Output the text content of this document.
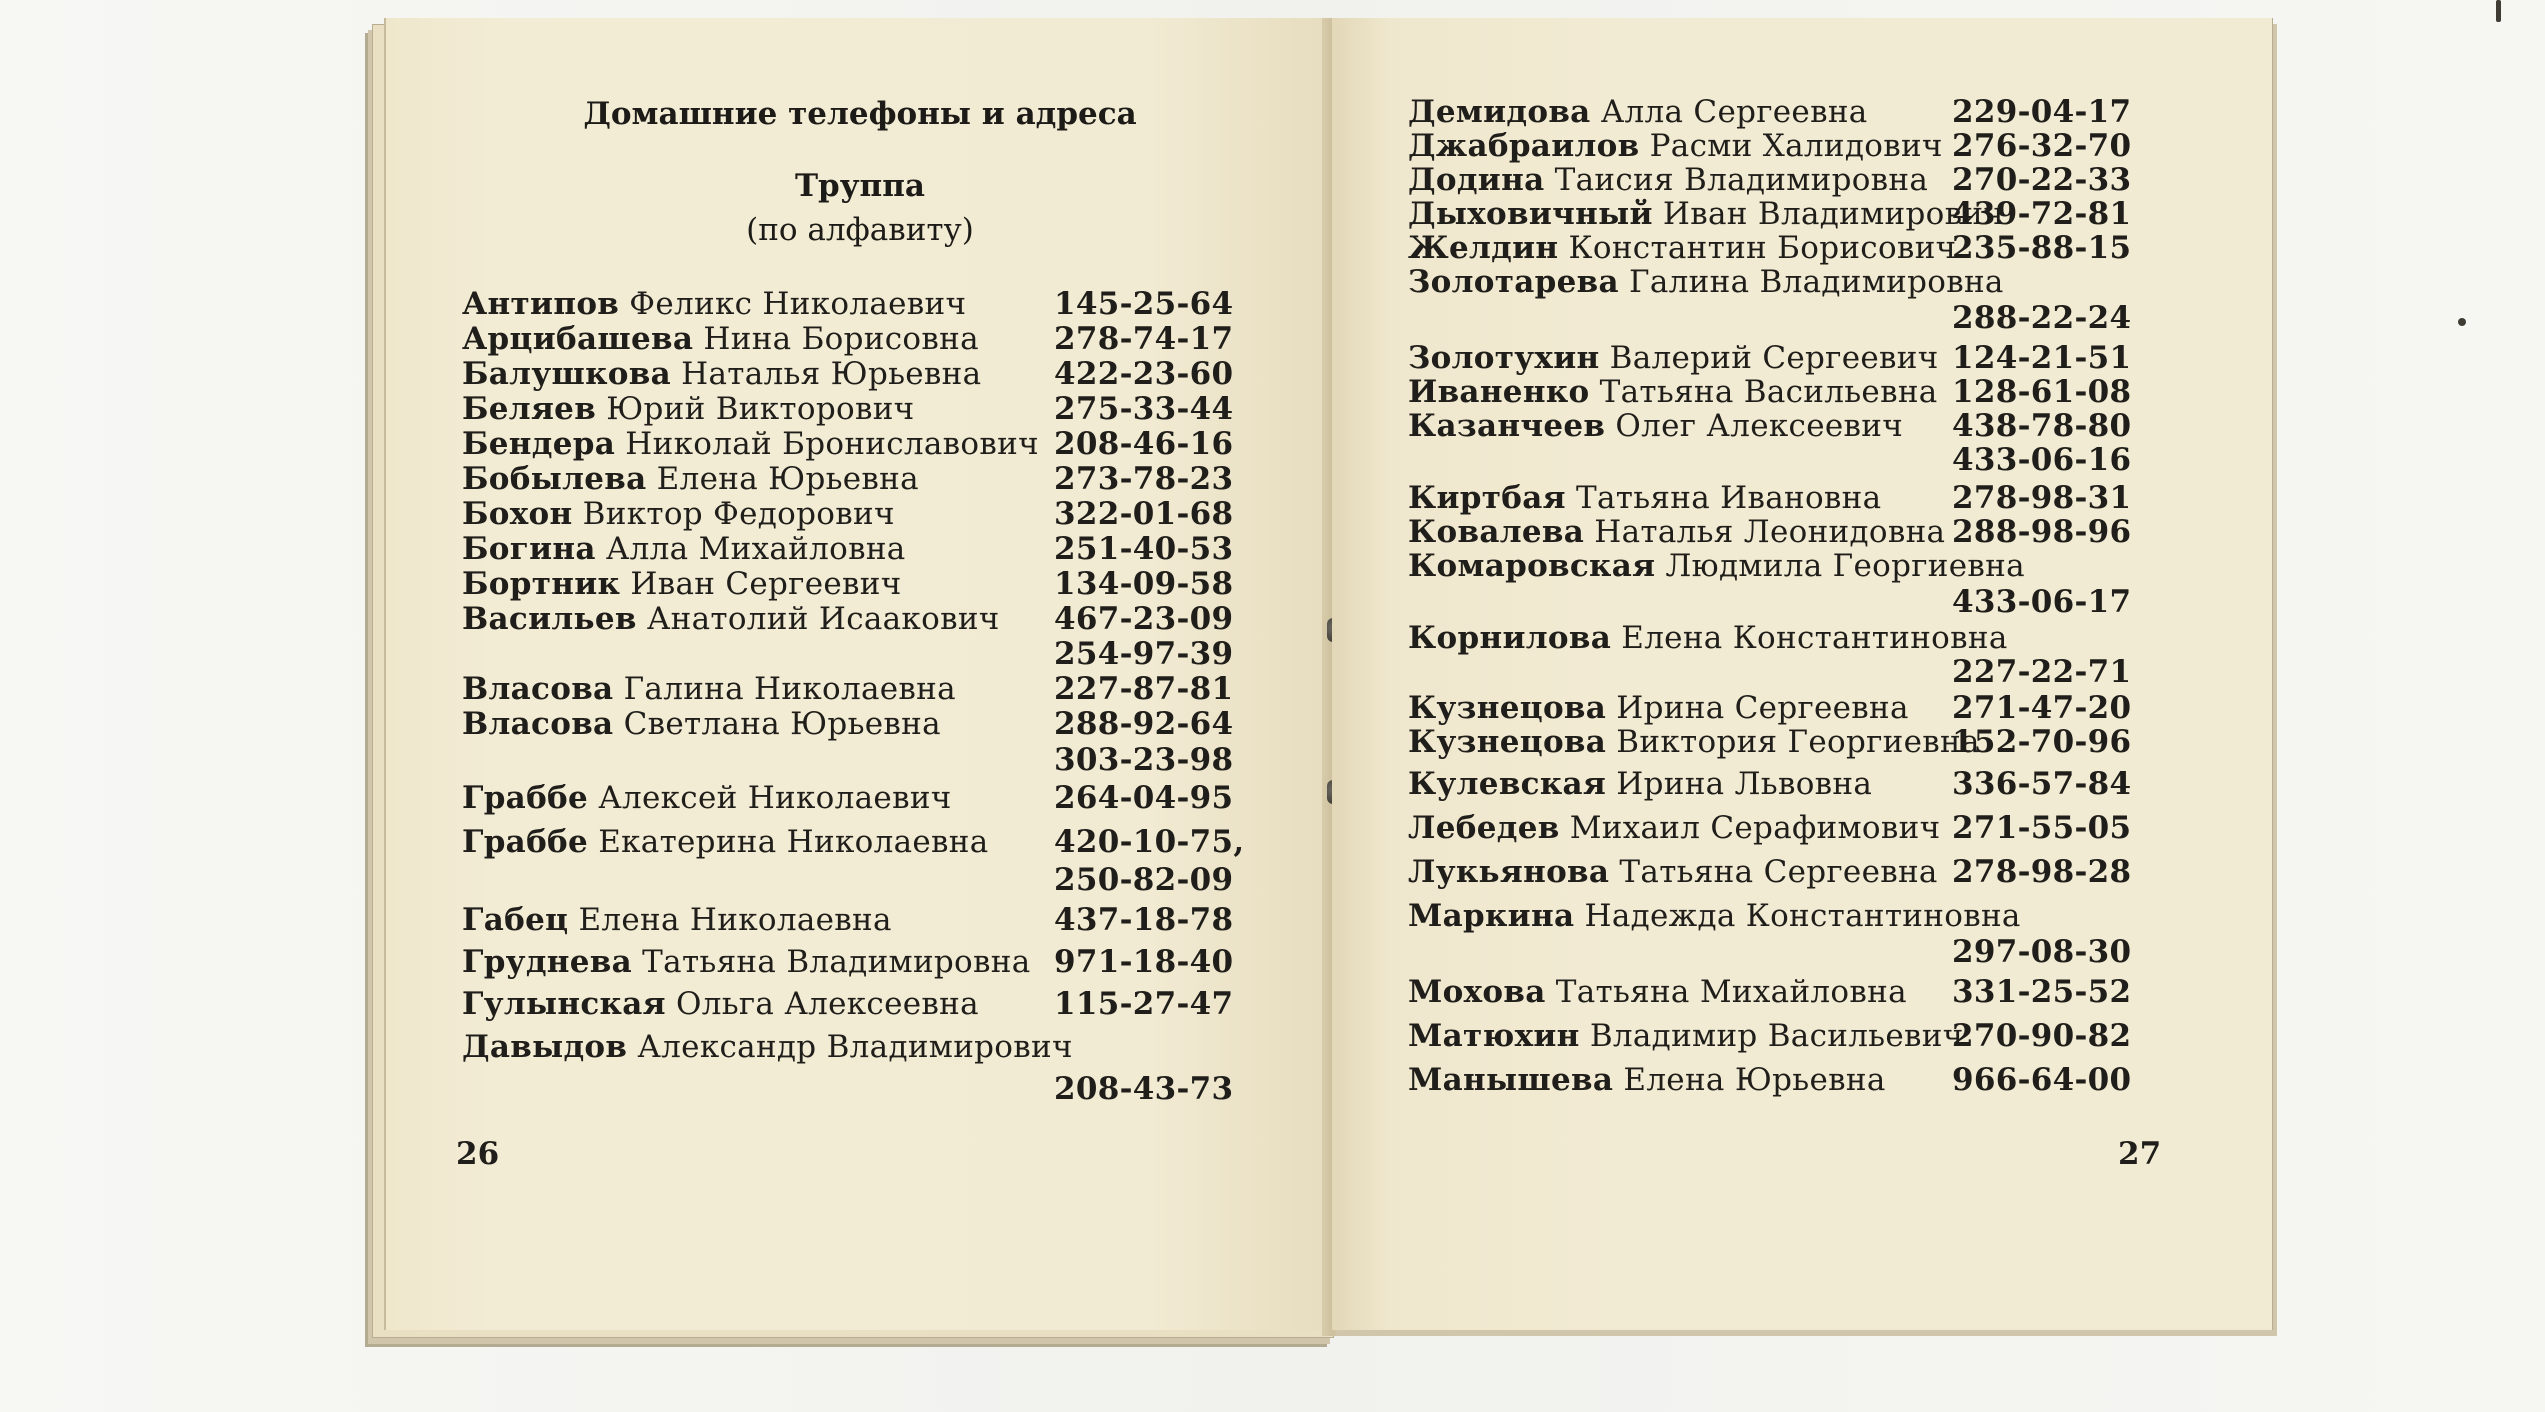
Домашние телефоны и адреса
Труппа
(по алфавиту)
26
Антипов Феликс Николаевич	145-25-64
Арцибашева Нина Борисовна 278-74-17
Балушкова Наталья Юрьевна 422-23-60
Беляев Юрий Викторович	275-33-44
Бендера Николай Брониславович 208-46-16
Бобылева Елена Юрьевна	273-78-23
Бохон Виктор Федорович	322-01-68
Богина Алла Михайловна	251-40-53
Бортник Иван Сергеевич	134-09-58
Васильев Анатолий Исаакович 467-23-09
254-97-39
Власова Галина Николаевна	227-87-81
Власова Светлана Юрьевна	288-92-64
303-23-98
Граббе Алексей Николаевич	264-04-95
Граббе Екатерина Николаевна 420-10-75,
250-82-09
Габец Елена Николаевна	437-18-78
Груднева Татьяна Владимировна 971-18-40
Гулынская Ольга Алексеевна 115-27-47
Давыдов Александр Владимирович
208-43-73
27
Демидова Алла Сергеевна	229-04-17
Джабраилов Расми Халидович 276-32-70
Додина Таисия Владимировна 270-22-33
Дыховичный Иван Владимирович
439-72-81
Желдин Константин Борисович
235-88-15
Золотарева Галина Владимировна
288-22-24
Золотухин Валерий Сергеевич 124-21-51
Иваненко Татьяна Васильевна 128-61-08
Казанчеев Олег Алексеевич 438-78-80
433-06-16
Киртбая Татьяна Ивановна 278-98-31
Ковалева Наталья Леонидовна 288-98-96
Комаровская Людмила Георгиевна
433-06-17
Корнилова Елена Константиновна
227-22-71
Кузнецова Ирина Сергеевна 271-47-20
Кузнецова Виктория Георгиевна
152-70-96
Кулевская Ирина Львовна	336-57-84
Лебедев Михаил Серафимович 271-55-05
Лукьянова Татьяна Сергеевна 278-98-28
Маркина Надежда Константиновна
297-08-30
Мохова Татьяна Михайловна 331-25-52
Матюхин Владимир Васильевич
270-90-82
Манышева Елена Юрьевна 966-64-00
